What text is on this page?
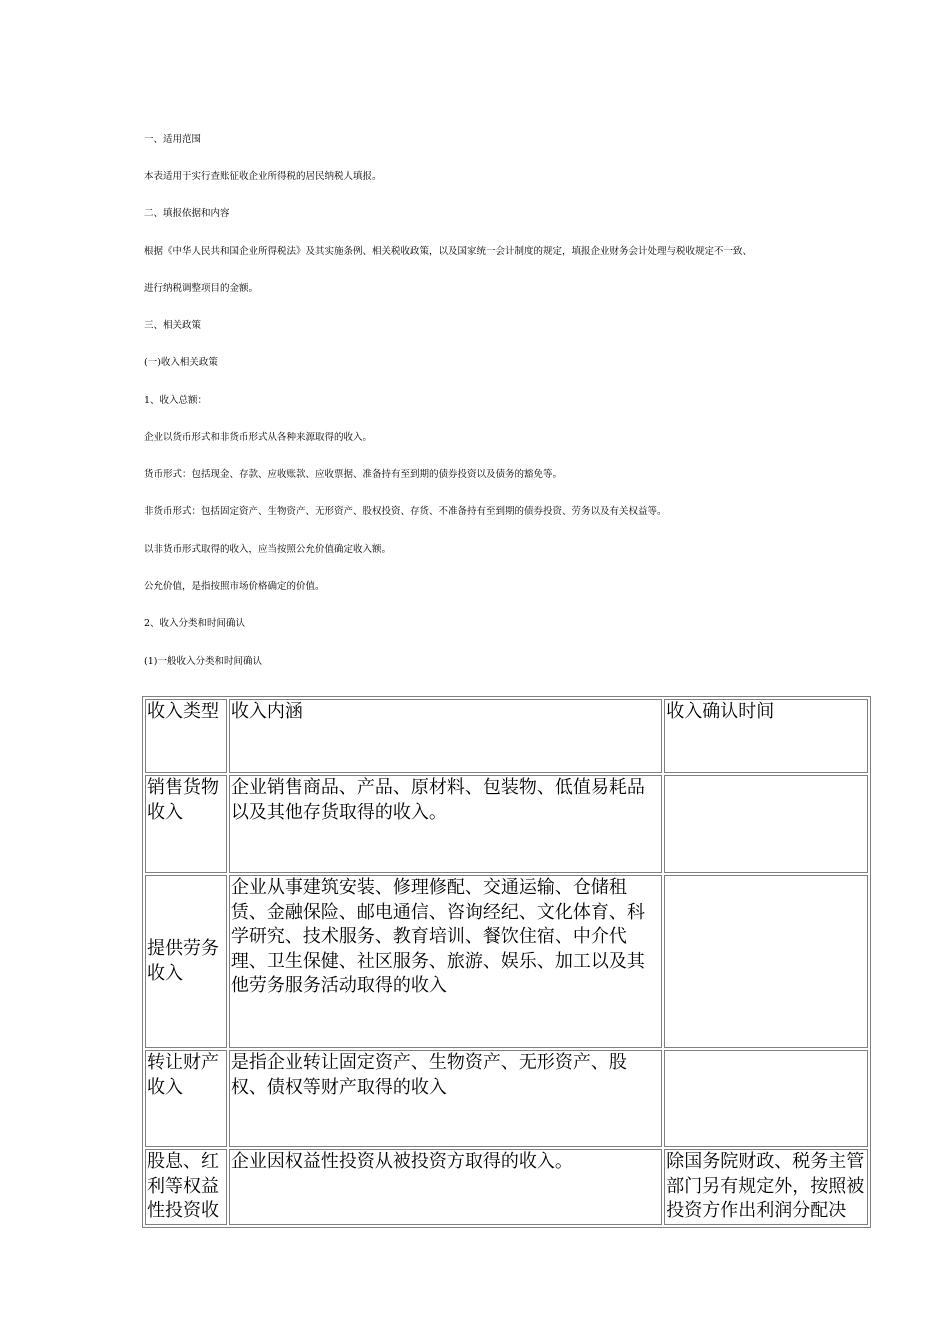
一、适用范围

本表适用于实行查账征收企业所得税的居民纳税人填报。

二、填报依据和内容

根据《中华人民共和国企业所得税法》及其实施条例、相关税收政策，以及国家统一会计制度的规定，填报企业财务会计处理与税收规定不一致、

进行纳税调整项目的金额。

三、相关政策

(一)收入相关政策

1、收入总额：

企业以货币形式和非货币形式从各种来源取得的收入。

货币形式：包括现金、存款、应收账款、应收票据、准备持有至到期的债券投资以及债务的豁免等。

非货币形式：包括固定资产、生物资产、无形资产、股权投资、存货、不准备持有至到期的债券投资、劳务以及有关权益等。

以非货币形式取得的收入，应当按照公允价值确定收入额。

公允价值，是指按照市场价格确定的价值。

2、收入分类和时间确认

(1)一般收入分类和时间确认

收入类型	收入内涵	收入确认时间
销售货物收入	企业销售商品、产品、原材料、包装物、低值易耗品以及其他存货取得的收入。	
提供劳务收入	企业从事建筑安装、修理修配、交通运输、仓储租赁、金融保险、邮电通信、咨询经纪、文化体育、科学研究、技术服务、教育培训、餐饮住宿、中介代理、卫生保健、社区服务、旅游、娱乐、加工以及其他劳务服务活动取得的收入	
转让财产收入	是指企业转让固定资产、生物资产、无形资产、股权、债权等财产取得的收入	
股息、红利等权益性投资收	企业因权益性投资从被投资方取得的收入。	除国务院财政、税务主管部门另有规定外，按照被投资方作出利润分配决
